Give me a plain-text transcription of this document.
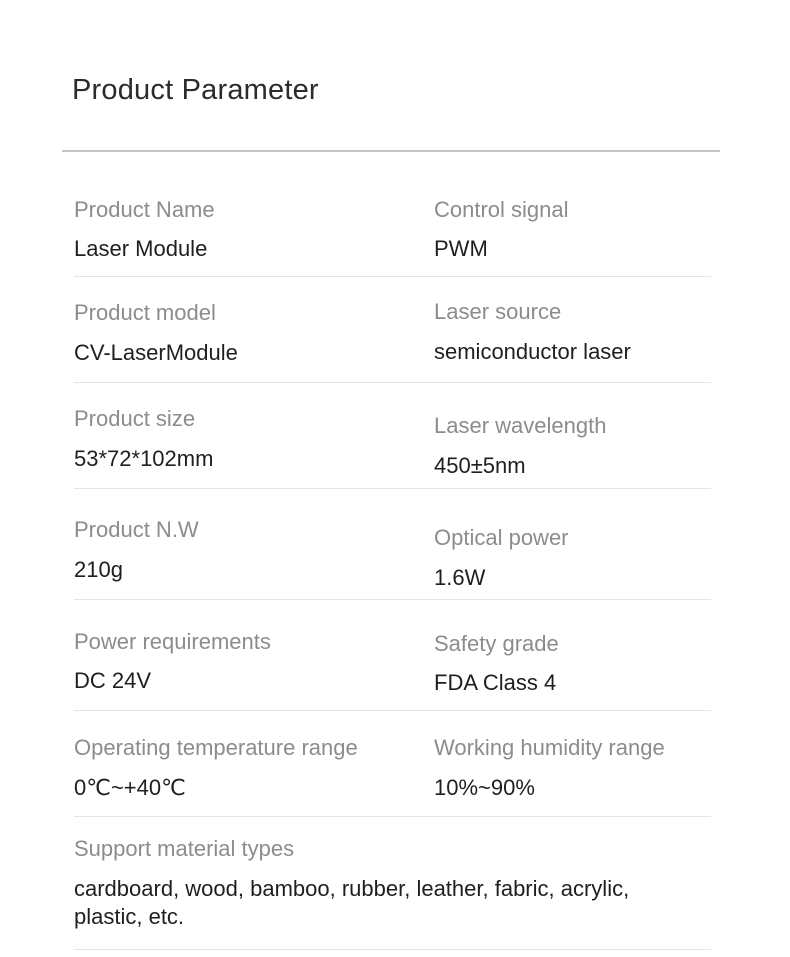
Product Parameter
Product Name
Laser Module
Control signal
PWM
Product model
CV-LaserModule
Laser source
semiconductor laser
Product size
53*72*102mm
Laser wavelength
450±5nm
Product N.W
210g
Optical power
1.6W
Power requirements
DC 24V
Safety grade
FDA Class 4
Operating temperature range
0℃~+40℃
Working humidity range
10%~90%
Support material types
cardboard, wood, bamboo, rubber, leather, fabric, acrylic, plastic, etc.
